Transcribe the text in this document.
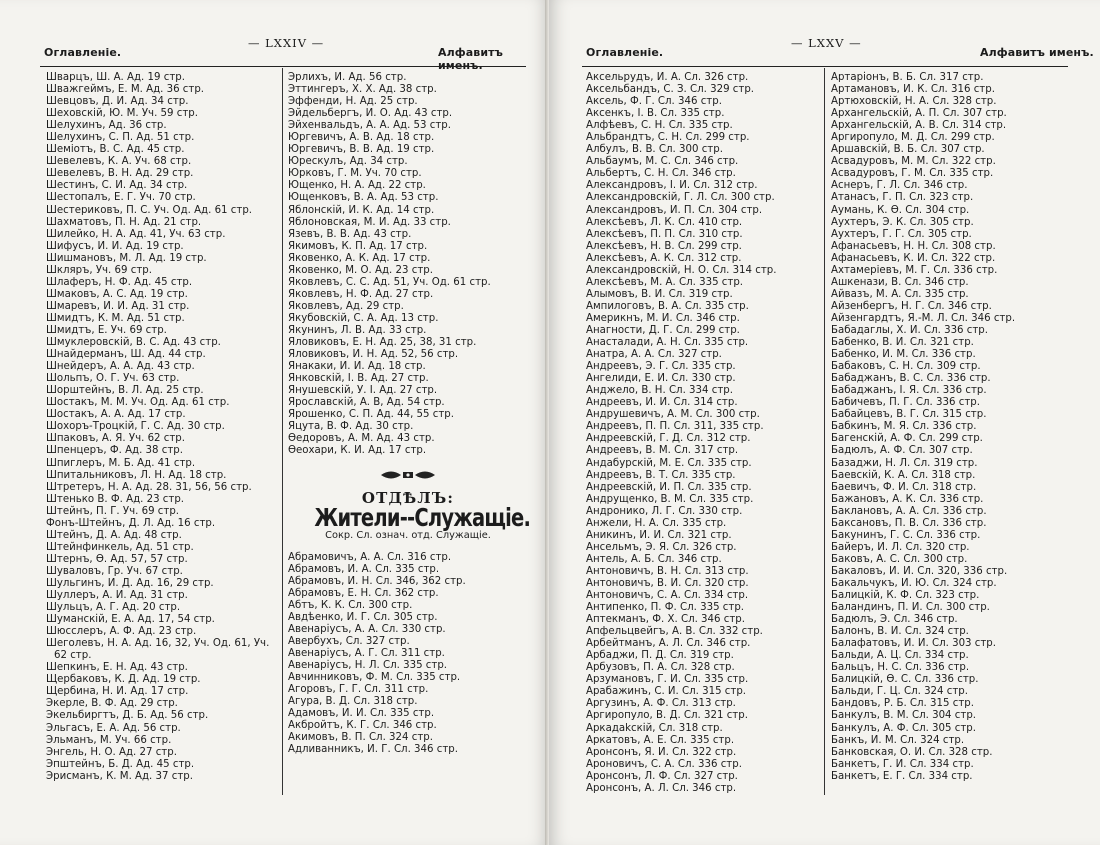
Оглавленіе.
— LXXIV —
Алфавитъ именъ.
Шварцъ, Ш. А. Ад. 19 стр.
Шважгеймъ, Е. М. Ад. 36 стр.
Шевцовъ, Д. И. Ад. 34 стр.
Шеховскій, Ю. М. Уч. 59 стр.
Шелухинъ, Ад. 36 стр.
Шелухинъ, С. П. Ад. 51 стр.
Шемiотъ, В. С. Ад. 45 стр.
Шевелевъ, К. А. Уч. 68 стр.
Шевелевъ, В. Н. Ад. 29 стр.
Шестинъ, С. И. Ад. 34 стр.
Шестопалъ, Е. Г. Уч. 70 стр.
Шестериковъ, П. С. Уч. Од. Ад. 61 стр.
Шахматовъ, П. Н. Ад. 21 стр.
Шилейко, Н. А. Ад. 41, Уч. 63 стр.
Шифусъ, И. И. Ад. 19 стр.
Шишмановъ, М. Л. Ад. 19 стр.
Шкляръ, Уч. 69 стр.
Шлаферъ, Н. Ф. Ад. 45 стр.
Шмаковъ, А. С. Ад. 19 стр.
Шмаревъ, И. И. Ад. 31 стр.
Шмидтъ, К. М. Ад. 51 стр.
Шмидтъ, Е. Уч. 69 стр.
Шмуклеровскій, В. С. Ад. 43 стр.
Шнайдерманъ, Ш. Ад. 44 стр.
Шнейдеръ, А. А. Ад. 43 стр.
Шольпъ, О. Г. Уч. 63 стр.
Шорштейнъ, В. Л. Ад. 25 стр.
Шостакъ, М. М. Уч. Од. Ад. 61 стр.
Шостакъ, А. А. Ад. 17 стр.
Шохоръ-Троцкій, Г. С. Ад. 30 стр.
Шпаковъ, А. Я. Уч. 62 стр.
Шпенцеръ, Ф. Ад. 38 стр.
Шпиглеръ, М. Б. Ад. 41 стр.
Шпитальниковъ, Л. Н. Ад. 18 стр.
Штретеръ, Н. А. Ад. 28. 31, 56, 56 стр.
Штенько В. Ф. Ад. 23 стр.
Штейнъ, П. Г. Уч. 69 стр.
Фонъ-Штейнъ, Д. Л. Ад. 16 стр.
Штейнъ, Д. А. Ад. 48 стр.
Штейнфинкель, Ад. 51 стр.
Штернъ, Ѳ. Ад. 57, 57 стр.
Шуваловъ, Гр. Уч. 67 стр.
Шульгинъ, И. Д. Ад. 16, 29 стр.
Шуллеръ, А. И. Ад. 31 стр.
Шульцъ, А. Г. Ад. 20 стр.
Шуманскій, Е. А. Ад. 17, 54 стр.
Шюсслеръ, А. Ф. Ад. 23 стр.
Шеголевъ, Н. А. Ад. 16, 32, Уч. Од. 61, Уч.
62 стр.
Шепкинъ, Е. Н. Ад. 43 стр.
Щербаковъ, К. Д. Ад. 19 стр.
Щербина, Н. И. Ад. 17 стр.
Экерле, В. Ф. Ад. 29 стр.
Экельбиргтъ, Д. Б. Ад. 56 стр.
Эльгасъ, Е. А. Ад. 56 стр.
Эльманъ, М. Уч. 66 стр.
Энгель, Н. О. Ад. 27 стр.
Эпштейнъ, Б. Д. Ад. 45 стр.
Эрисманъ, К. М. Ад. 37 стр.
Эрлихъ, И. Ад. 56 стр.
Эттингеръ, Х. Х. Ад. 38 стр.
Эффенди, Н. Ад. 25 стр.
Эйдельбергъ, И. О. Ад. 43 стр.
Эйхенвальдъ, А. А. Ад. 53 стр.
Юргевичъ, А. В. Ад. 18 стр.
Юргевичъ, В. В. Ад. 19 стр.
Юрескулъ, Ад. 34 стр.
Юрковъ, Г. М. Уч. 70 стр.
Ющенко, Н. А. Ад. 22 стр.
Ющенковъ, В. А. Ад. 53 стр.
Яблонскій, И. К. Ад. 14 стр.
Яблоновская, М. И. Ад. 33 стр.
Язевъ, В. В. Ад. 43 стр.
Якимовъ, К. П. Ад. 17 стр.
Яковенко, А. К. Ад. 17 стр.
Яковенко, М. О. Ад. 23 стр.
Яковлевъ, С. С. Ад. 51, Уч. Од. 61 стр.
Яковлевъ, Н. Ф. Ад. 27 стр.
Яковлевъ, Ад. 29 стр.
Якубовскій, С. А. Ад. 13 стр.
Якунинъ, Л. В. Ад. 33 стр.
Яловиковъ, Е. Н. Ад. 25, 38, 31 стр.
Яловиковъ, И. Н. Ад. 52, 56 стр.
Янакаки, И. И. Ад. 18 стр.
Янковскій, I. В. Ад. 27 стр.
Янушевскій, У. I. Ад. 27 стр.
Ярославскій, А. В, Ад. 54 стр.
Ярошенко, С. П. Ад. 44, 55 стр.
Яцута, В. Ф. Ад. 30 стр.
Ѳедоровъ, А. М. Ад. 43 стр.
Ѳеохари, К. И. Ад. 17 стр.
ОТДѢЛЪ:
Жители--Служащіе.
Сокр. Сл. означ. отд. Служащіе.
Абрамовичъ, А. А. Сл. 316 стр.
Абрамовъ, И. А. Сл. 335 стр.
Абрамовъ, И. Н. Сл. 346, 362 стр.
Абрамовъ, Е. Н. Сл. 362 стр.
Абтъ, К. К. Сл. 300 стр.
Авдѣенко, И. Г. Сл. 305 стр.
Авенаріусъ, А. А. Сл. 330 стр.
Авербухъ, Сл. 327 стр.
Авенаріусъ, А. Г. Сл. 311 стр.
Авенаріусъ, Н. Л. Сл. 335 стр.
Авчинниковъ, Ф. М. Сл. 335 стр.
Агоровъ, Г. Г. Сл. 311 стр.
Агура, В. Д. Сл. 318 стр.
Адамовъ, И. И. Сл. 335 стр.
Акбройтъ, К. Г. Сл. 346 стр.
Акимовъ, В. П. Сл. 324 стр.
Адливанникъ, И. Г. Сл. 346 стр.
Оглавленіе.
— LXXV —
Алфавитъ именъ.
Аксельрудъ, И. А. Сл. 326 стр.
Аксельбандъ, С. З. Сл. 329 стр.
Аксель, Ф. Г. Сл. 346 стр.
Аксенкъ, I. В. Сл. 335 стр.
Алфѣевъ, С. Н. Сл. 335 стр.
Альбрандтъ, С. Н. Сл. 299 стр.
Албулъ, В. В. Сл. 300 стр.
Альбаумъ, М. С. Сл. 346 стр.
Альбертъ, С. Н. Сл. 346 стр.
Александровъ, I. И. Сл. 312 стр.
Александровскій, Г. Л. Сл. 300 стр.
Александровъ, И. П. Сл. 304 стр.
Алексѣевъ, Л. К. Сл. 410 стр.
Алексѣевъ, П. П. Сл. 310 стр.
Алексѣевъ, Н. В. Сл. 299 стр.
Алексѣевъ, А. К. Сл. 312 стр.
Александровскій, Н. О. Сл. 314 стр.
Алексѣевъ, М. А. Сл. 335 стр.
Алымовъ, В. И. Сл. 319 стр.
Ампилоговъ, В. А. Сл. 335 стр.
Америкнъ, М. И. Сл. 346 стр.
Анагности, Д. Г. Сл. 299 стр.
Анасталади, А. Н. Сл. 335 стр.
Анатра, А. А. Сл. 327 стр.
Андреевъ, Э. Г. Сл. 335 стр.
Ангелиди, Е. И. Сл. 330 стр.
Анджело, В. Н. Сл. 334 стр.
Андреевъ, И. И. Сл. 314 стр.
Андрушевичъ, А. М. Сл. 300 стр.
Андреевъ, П. П. Сл. 311, 335 стр.
Андреевскій, Г. Д. Сл. 312 стр.
Андреевъ, В. М. Сл. 317 стр.
Андабурскій, М. Е. Сл. 335 стр.
Андреевъ, В. Т. Сл. 335 стр.
Андреевскій, И. П. Сл. 335 стр.
Андрущенко, В. М. Сл. 335 стр.
Андронико, Л. Г. Сл. 330 стр.
Анжели, Н. А. Сл. 335 стр.
Аникинъ, И. И. Сл. 321 стр.
Ансельмъ, Э. Я. Сл. 326 стр.
Антель, А. Б. Сл. 346 стр.
Антоновичъ, В. Н. Сл. 313 стр.
Антоновичъ, В. И. Сл. 320 стр.
Антоновичъ, С. А. Сл. 334 стр.
Антипенко, П. Ф. Сл. 335 стр.
Аптекманъ, Ф. Х. Сл. 346 стр.
Апфельцвейгъ, А. В. Сл. 332 стр.
Арбейтманъ, А. Л. Сл. 346 стр.
Арбаджи, П. Д. Сл. 319 стр.
Арбузовъ, П. А. Сл. 328 стр.
Арзумановъ, Г. И. Сл. 335 стр.
Арабажинъ, С. И. Сл. 315 стр.
Аргузинъ, А. Ф. Сл. 313 стр.
Аргиропуло, В. Д. Сл. 321 стр.
Аркадаkскій, Сл. 318 стр.
Аркатовъ, А. Е. Сл. 335 стр.
Аронсонъ, Я. И. Сл. 322 стр.
Ароновичъ, С. А. Сл. 336 стр.
Аронсонъ, Л. Ф. Сл. 327 стр.
Аронсонъ, А. Л. Сл. 346 стр.
Артаріонъ, В. Б. Сл. 317 стр.
Артамановъ, И. К. Сл. 316 стр.
Артюховскій, Н. А. Сл. 328 стр.
Архангельскій, А. П. Сл. 307 стр.
Архангельскій, А. В. Сл. 314 стр.
Аргиропуло, М. Д. Сл. 299 стр.
Аршавскій, В. Б. Сл. 307 стр.
Асвадуровъ, М. М. Сл. 322 стр.
Асвадуровъ, Г. М. Сл. 335 стр.
Аснеръ, Г. Л. Сл. 346 стр.
Атанасъ, Г. П. Сл. 323 стр.
Аумань, К. Ѳ. Сл. 304 стр.
Аухтеръ, Э. К. Сл. 305 стр.
Аухтеръ, Г. Г. Сл. 305 стр.
Афанасьевъ, Н. Н. Сл. 308 стр.
Афанасьевъ, К. И. Сл. 322 стр.
Ахтамерiевъ, М. Г. Сл. 336 стр.
Ашкенази, В. Сл. 346 стр.
Айвазъ, М. А. Сл. 335 стр.
Айзенбергъ, Н. Г. Сл. 346 стр.
Айзенгардтъ, Я.-М. Л. Сл. 346 стр.
Бабадаглы, Х. И. Сл. 336 стр.
Бабенко, В. И. Сл. 321 стр.
Бабенко, И. М. Сл. 336 стр.
Бабаковъ, С. Н. Сл. 309 стр.
Бабаджанъ, В. С. Сл. 336 стр.
Бабаджанъ, I. Я. Сл. 336 стр.
Бабичевъ, П. Г. Сл. 336 стр.
Бабайцевъ, В. Г. Сл. 315 стр.
Бабкинъ, М. Я. Сл. 336 стр.
Багенскій, А. Ф. Сл. 299 стр.
Бадюлъ, А. Ф. Сл. 307 стр.
Базаджи, Н. Л. Сл. 319 стр.
Баевскій, К. А. Сл. 318 стр.
Баевичъ, Ф. И. Сл. 318 стр.
Бажановъ, А. К. Сл. 336 стр.
Баклановъ, А. А. Сл. 336 стр.
Баксановъ, П. В. Сл. 336 стр.
Бакунинъ, Г. С. Сл. 336 стр.
Байеръ, И. Л. Сл. 320 стр.
Баковъ, А. С. Сл. 300 стр.
Бакаловъ, И. И. Сл. 320, 336 стр.
Бакальчукъ, И. Ю. Сл. 324 стр.
Балицкій, К. Ф. Сл. 323 стр.
Баландинъ, П. И. Сл. 300 стр.
Бадюлъ, Э. Сл. 346 стр.
Балонъ, В. И. Сл. 324 стр.
Балафатовъ, И. И. Сл. 303 стр.
Бальди, А. Ц. Сл. 334 стр.
Бальцъ, Н. С. Сл. 336 стр.
Балицкій, Ѳ. С. Сл. 336 стр.
Бальди, Г. Ц. Сл. 324 стр.
Бандовъ, Р. Б. Сл. 315 стр.
Банкулъ, В. М. Сл. 304 стр.
Банкулъ, А. Ф. Сл. 305 стр.
Банкъ, И. М. Сл. 324 стр.
Банковская, О. И. Сл. 328 стр.
Банкетъ, Г. И. Сл. 334 стр.
Банкетъ, Е. Г. Сл. 334 стр.
